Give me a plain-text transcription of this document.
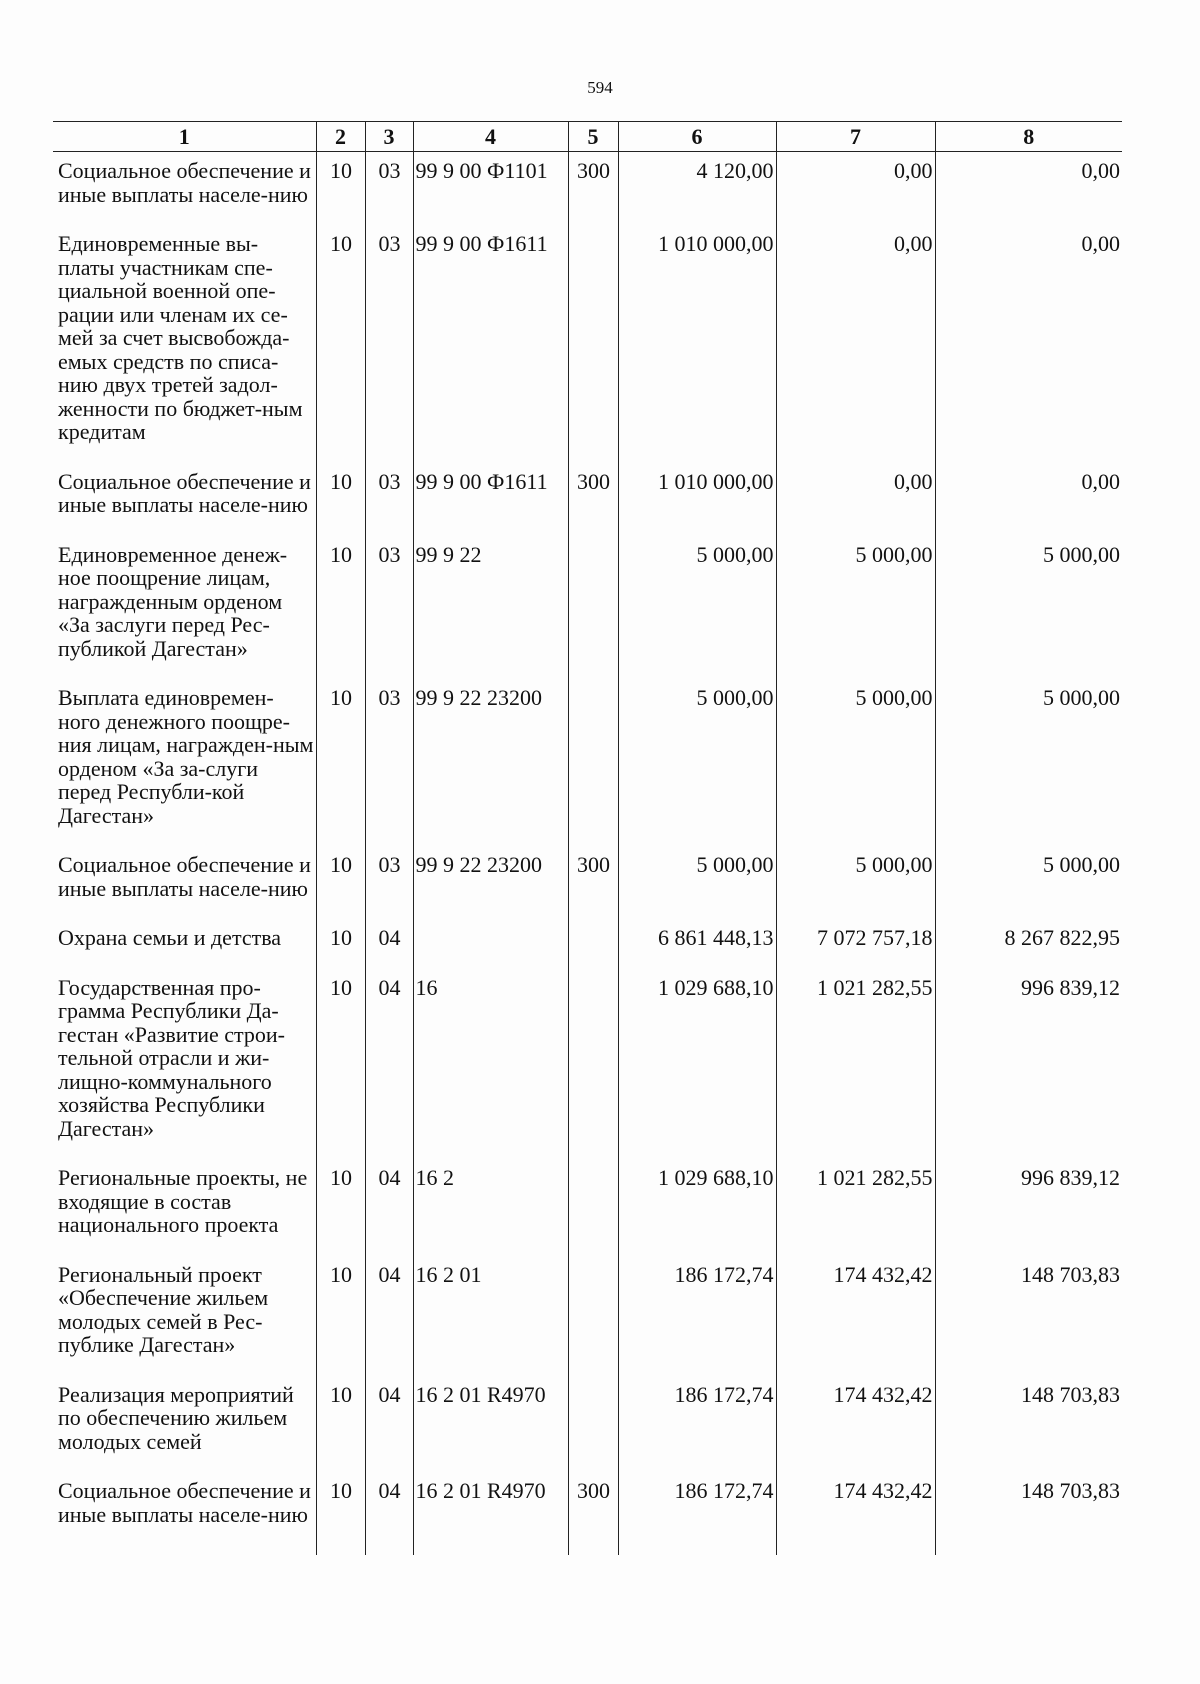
594
1	2	3	4	5	6	7	8
Социальное обеспечение и иные выплаты населе-нию	10	03	99 9 00 Ф1101	300	4 120,00	0,00	0,00
Единовременные вы-платы участникам спе-циальной военной опе-рации или членам их се-мей за счет высвобожда-емых средств по списа-нию двух третей задол-женности по бюджет-ным кредитам	10	03	99 9 00 Ф1611		1 010 000,00	0,00	0,00
Социальное обеспечение и иные выплаты населе-нию	10	03	99 9 00 Ф1611	300	1 010 000,00	0,00	0,00
Единовременное денеж-ное поощрение лицам, награжденным орденом «За заслуги перед Рес-публикой Дагестан»	10	03	99 9 22		5 000,00	5 000,00	5 000,00
Выплата единовремен-ного денежного поощре-ния лицам, награжден-ным орденом «За за-слуги перед Республи-кой Дагестан»	10	03	99 9 22 23200		5 000,00	5 000,00	5 000,00
Социальное обеспечение и иные выплаты населе-нию	10	03	99 9 22 23200	300	5 000,00	5 000,00	5 000,00
Охрана семьи и детства	10	04			6 861 448,13	7 072 757,18	8 267 822,95
Государственная про-грамма Республики Да-гестан «Развитие строи-тельной отрасли и жи-лищно-коммунального хозяйства Республики Дагестан»	10	04	16		1 029 688,10	1 021 282,55	996 839,12
Региональные проекты, не входящие в состав национального проекта	10	04	16 2		1 029 688,10	1 021 282,55	996 839,12
Региональный проект «Обеспечение жильем молодых семей в Рес-публике Дагестан»	10	04	16 2 01		186 172,74	174 432,42	148 703,83
Реализация мероприятий по обеспечению жильем молодых семей	10	04	16 2 01 R4970		186 172,74	174 432,42	148 703,83
Социальное обеспечение и иные выплаты населе-нию	10	04	16 2 01 R4970	300	186 172,74	174 432,42	148 703,83
